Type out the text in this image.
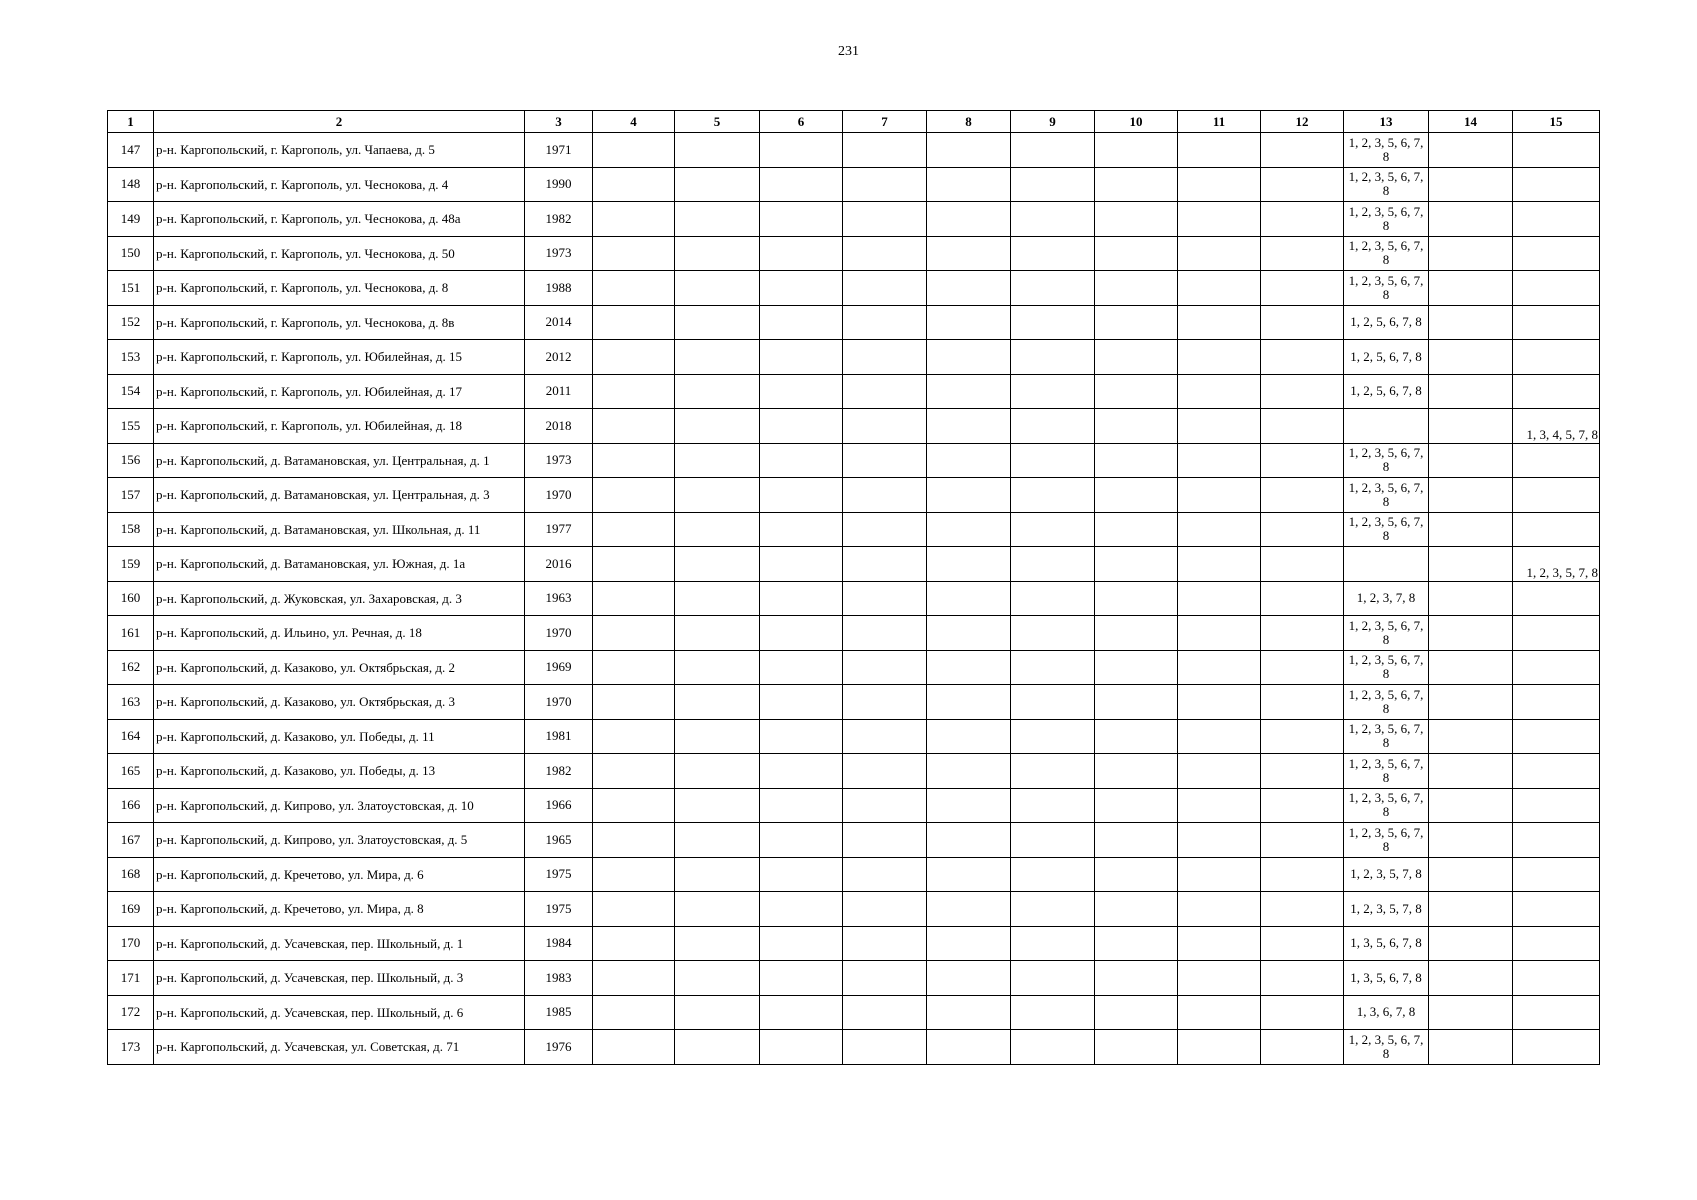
231
1	2	3	4	5	6	7	8	9	10	11	12	13	14	15
147	р-н. Каргопольский, г. Каргополь, ул. Чапаева, д. 5	1971										1, 2, 3, 5, 6, 7, 8		
148	р-н. Каргопольский, г. Каргополь, ул. Чеснокова, д. 4	1990										1, 2, 3, 5, 6, 7, 8		
149	р-н. Каргопольский, г. Каргополь, ул. Чеснокова, д. 48а	1982										1, 2, 3, 5, 6, 7, 8		
150	р-н. Каргопольский, г. Каргополь, ул. Чеснокова, д. 50	1973										1, 2, 3, 5, 6, 7, 8		
151	р-н. Каргопольский, г. Каргополь, ул. Чеснокова, д. 8	1988										1, 2, 3, 5, 6, 7, 8		
152	р-н. Каргопольский, г. Каргополь, ул. Чеснокова, д. 8в	2014										1, 2, 5, 6, 7, 8		
153	р-н. Каргопольский, г. Каргополь, ул. Юбилейная, д. 15	2012										1, 2, 5, 6, 7, 8		
154	р-н. Каргопольский, г. Каргополь, ул. Юбилейная, д. 17	2011										1, 2, 5, 6, 7, 8		
155	р-н. Каргопольский, г. Каргополь, ул. Юбилейная, д. 18	2018												1, 3, 4, 5, 7, 8
156	р-н. Каргопольский, д. Ватамановская, ул. Центральная, д. 1	1973										1, 2, 3, 5, 6, 7, 8		
157	р-н. Каргопольский, д. Ватамановская, ул. Центральная, д. 3	1970										1, 2, 3, 5, 6, 7, 8		
158	р-н. Каргопольский, д. Ватамановская, ул. Школьная, д. 11	1977										1, 2, 3, 5, 6, 7, 8		
159	р-н. Каргопольский, д. Ватамановская, ул. Южная, д. 1а	2016												1, 2, 3, 5, 7, 8
160	р-н. Каргопольский, д. Жуковская, ул. Захаровская, д. 3	1963										1, 2, 3, 7, 8		
161	р-н. Каргопольский, д. Ильино, ул. Речная, д. 18	1970										1, 2, 3, 5, 6, 7, 8		
162	р-н. Каргопольский, д. Казаково, ул. Октябрьская, д. 2	1969										1, 2, 3, 5, 6, 7, 8		
163	р-н. Каргопольский, д. Казаково, ул. Октябрьская, д. 3	1970										1, 2, 3, 5, 6, 7, 8		
164	р-н. Каргопольский, д. Казаково, ул. Победы, д. 11	1981										1, 2, 3, 5, 6, 7, 8		
165	р-н. Каргопольский, д. Казаково, ул. Победы, д. 13	1982										1, 2, 3, 5, 6, 7, 8		
166	р-н. Каргопольский, д. Кипрово, ул. Златоустовская, д. 10	1966										1, 2, 3, 5, 6, 7, 8		
167	р-н. Каргопольский, д. Кипрово, ул. Златоустовская, д. 5	1965										1, 2, 3, 5, 6, 7, 8		
168	р-н. Каргопольский, д. Кречетово, ул. Мира, д. 6	1975										1, 2, 3, 5, 7, 8		
169	р-н. Каргопольский, д. Кречетово, ул. Мира, д. 8	1975										1, 2, 3, 5, 7, 8		
170	р-н. Каргопольский, д. Усачевская, пер. Школьный, д. 1	1984										1, 3, 5, 6, 7, 8		
171	р-н. Каргопольский, д. Усачевская, пер. Школьный, д. 3	1983										1, 3, 5, 6, 7, 8		
172	р-н. Каргопольский, д. Усачевская, пер. Школьный, д. 6	1985										1, 3, 6, 7, 8		
173	р-н. Каргопольский, д. Усачевская, ул. Советская, д. 71	1976										1, 2, 3, 5, 6, 7, 8		
